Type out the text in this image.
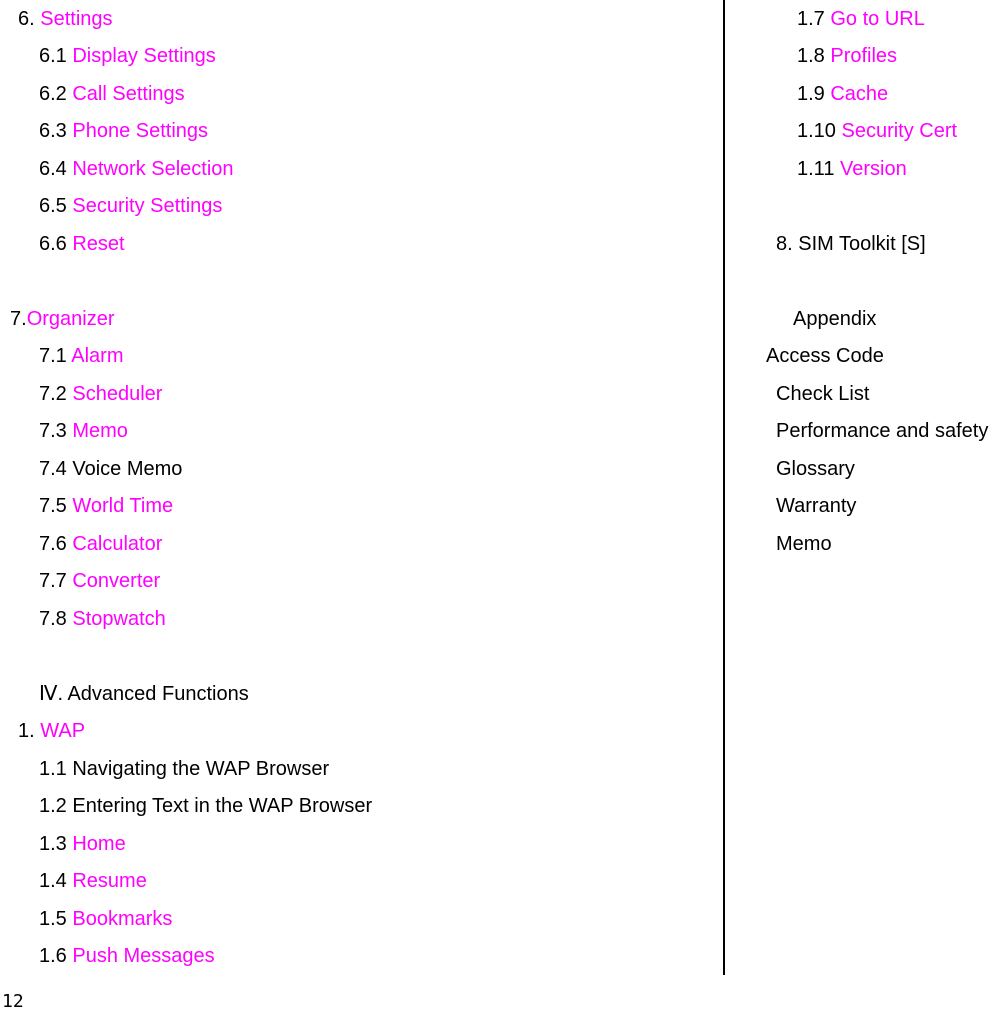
6. Settings
6.1 Display Settings
6.2 Call Settings
6.3 Phone Settings
6.4 Network Selection
6.5 Security Settings
6.6 Reset
7.Organizer
7.1 Alarm
7.2 Scheduler
7.3 Memo
7.4 Voice Memo
7.5 World Time
7.6 Calculator
7.7 Converter
7.8 Stopwatch
Ⅳ. Advanced Functions
1. WAP
1.1 Navigating the WAP Browser
1.2 Entering Text in the WAP Browser
1.3 Home
1.4 Resume
1.5 Bookmarks
1.6 Push Messages
1.7 Go to URL
1.8 Profiles
1.9 Cache
1.10 Security Cert
1.11 Version
8. SIM Toolkit [S]
Appendix
Access Code
Check List
Performance and safety
Glossary
Warranty
Memo
12
